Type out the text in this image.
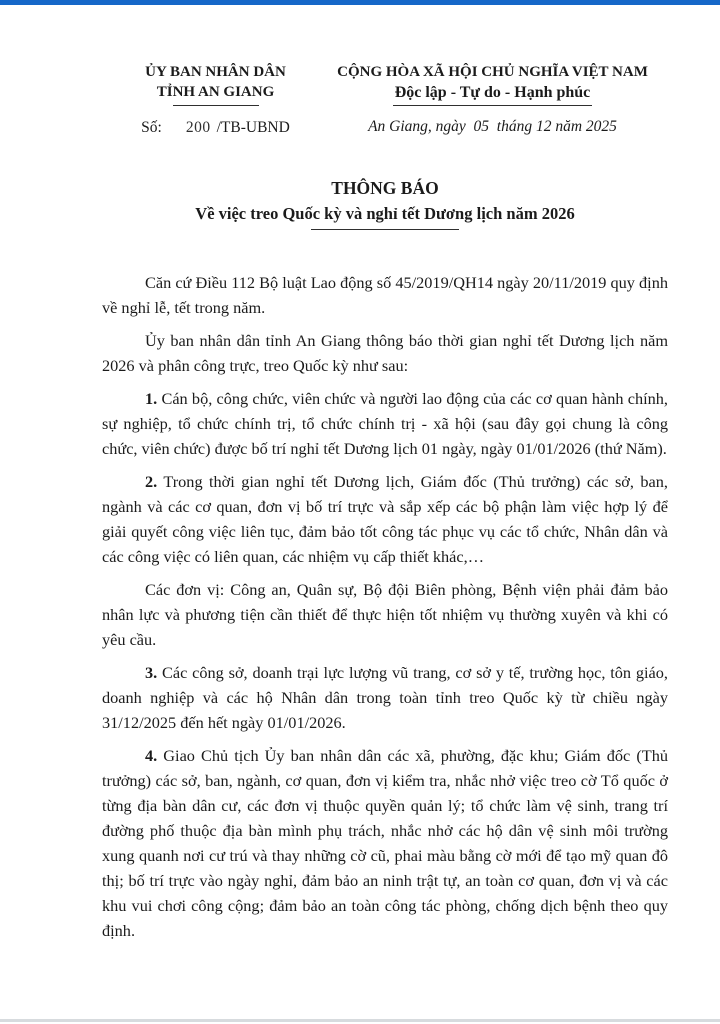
ỦY BAN NHÂN DÂN
TỈNH AN GIANG
Số: 200 /TB-UBND
CỘNG HÒA XÃ HỘI CHỦ NGHĨA VIỆT NAM
Độc lập - Tự do - Hạnh phúc
An Giang, ngày  05  tháng 12 năm 2025
THÔNG BÁO
Về việc treo Quốc kỳ và nghỉ tết Dương lịch năm 2026

Căn cứ Điều 112 Bộ luật Lao động số 45/2019/QH14 ngày 20/11/2019 quy định về nghỉ lễ, tết trong năm.

Ủy ban nhân dân tỉnh An Giang thông báo thời gian nghỉ tết Dương lịch năm 2026 và phân công trực, treo Quốc kỳ như sau:

1. Cán bộ, công chức, viên chức và người lao động của các cơ quan hành chính, sự nghiệp, tổ chức chính trị, tổ chức chính trị - xã hội (sau đây gọi chung là công chức, viên chức) được bố trí nghỉ tết Dương lịch 01 ngày, ngày 01/01/2026 (thứ Năm).

2. Trong thời gian nghỉ tết Dương lịch, Giám đốc (Thủ trưởng) các sở, ban, ngành và các cơ quan, đơn vị bố trí trực và sắp xếp các bộ phận làm việc hợp lý để giải quyết công việc liên tục, đảm bảo tốt công tác phục vụ các tổ chức, Nhân dân và các công việc có liên quan, các nhiệm vụ cấp thiết khác,…

Các đơn vị: Công an, Quân sự, Bộ đội Biên phòng, Bệnh viện phải đảm bảo nhân lực và phương tiện cần thiết để thực hiện tốt nhiệm vụ thường xuyên và khi có yêu cầu.

3. Các công sở, doanh trại lực lượng vũ trang, cơ sở y tế, trường học, tôn giáo, doanh nghiệp và các hộ Nhân dân trong toàn tỉnh treo Quốc kỳ từ chiều ngày 31/12/2025 đến hết ngày 01/01/2026.

4. Giao Chủ tịch Ủy ban nhân dân các xã, phường, đặc khu; Giám đốc (Thủ trưởng) các sở, ban, ngành, cơ quan, đơn vị kiểm tra, nhắc nhở việc treo cờ Tổ quốc ở từng địa bàn dân cư, các đơn vị thuộc quyền quản lý; tổ chức làm vệ sinh, trang trí đường phố thuộc địa bàn mình phụ trách, nhắc nhở các hộ dân vệ sinh môi trường xung quanh nơi cư trú và thay những cờ cũ, phai màu bằng cờ mới để tạo mỹ quan đô thị; bố trí trực vào ngày nghỉ, đảm bảo an ninh trật tự, an toàn cơ quan, đơn vị và các khu vui chơi công cộng; đảm bảo an toàn công tác phòng, chống dịch bệnh theo quy định.
